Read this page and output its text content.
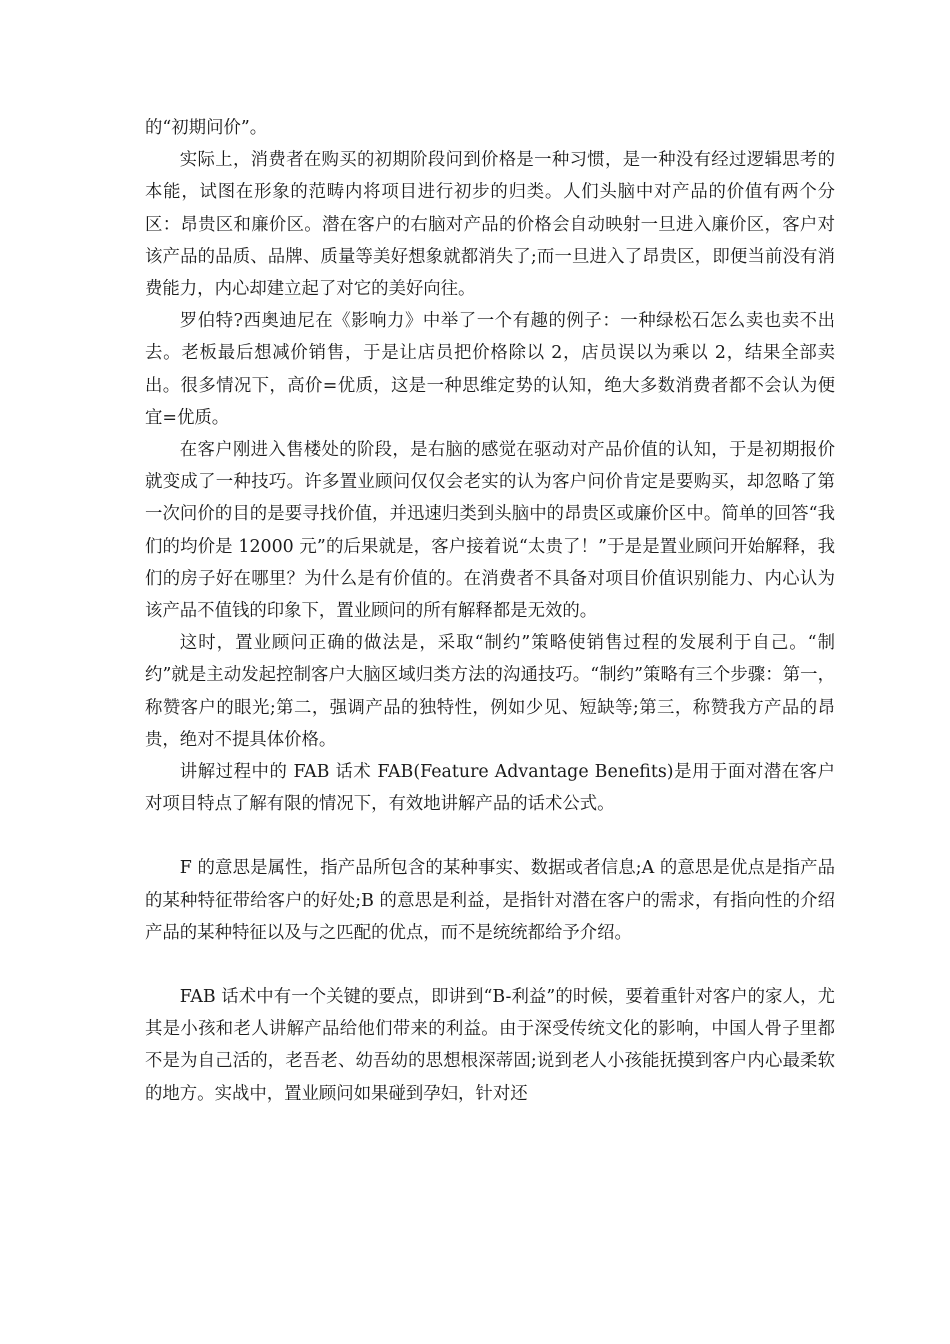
的“初期问价”。

实际上，消费者在购买的初期阶段问到价格是一种习惯，是一种没有经过逻辑思考的本能，试图在形象的范畴内将项目进行初步的归类。人们头脑中对产品的价值有两个分区：昂贵区和廉价区。潜在客户的右脑对产品的价格会自动映射一旦进入廉价区，客户对该产品的品质、品牌、质量等美好想象就都消失了;而一旦进入了昂贵区，即便当前没有消费能力，内心却建立起了对它的美好向往。

罗伯特?西奥迪尼在《影响力》中举了一个有趣的例子：一种绿松石怎么卖也卖不出去。老板最后想减价销售，于是让店员把价格除以 2，店员误以为乘以 2，结果全部卖出。很多情况下，高价=优质，这是一种思维定势的认知，绝大多数消费者都不会认为便宜=优质。

在客户刚进入售楼处的阶段，是右脑的感觉在驱动对产品价值的认知，于是初期报价就变成了一种技巧。许多置业顾问仅仅会老实的认为客户问价肯定是要购买，却忽略了第一次问价的目的是要寻找价值，并迅速归类到头脑中的昂贵区或廉价区中。简单的回答“我们的均价是 12000 元”的后果就是，客户接着说“太贵了！”于是是置业顾问开始解释，我们的房子好在哪里？为什么是有价值的。在消费者不具备对项目价值识别能力、内心认为该产品不值钱的印象下，置业顾问的所有解释都是无效的。

这时，置业顾问正确的做法是，采取“制约”策略使销售过程的发展利于自己。“制约”就是主动发起控制客户大脑区域归类方法的沟通技巧。“制约”策略有三个步骤：第一，称赞客户的眼光;第二，强调产品的独特性，例如少见、短缺等;第三，称赞我方产品的昂贵，绝对不提具体价格。

讲解过程中的 FAB 话术 FAB(Feature Advantage Benefits)是用于面对潜在客户对项目特点了解有限的情况下，有效地讲解产品的话术公式。

F 的意思是属性，指产品所包含的某种事实、数据或者信息;A 的意思是优点是指产品的某种特征带给客户的好处;B 的意思是利益，是指针对潜在客户的需求，有指向性的介绍产品的某种特征以及与之匹配的优点，而不是统统都给予介绍。

FAB 话术中有一个关键的要点，即讲到“B-利益”的时候，要着重针对客户的家人，尤其是小孩和老人讲解产品给他们带来的利益。由于深受传统文化的影响，中国人骨子里都不是为自己活的，老吾老、幼吾幼的思想根深蒂固;说到老人小孩能抚摸到客户内心最柔软的地方。实战中，置业顾问如果碰到孕妇，针对还
